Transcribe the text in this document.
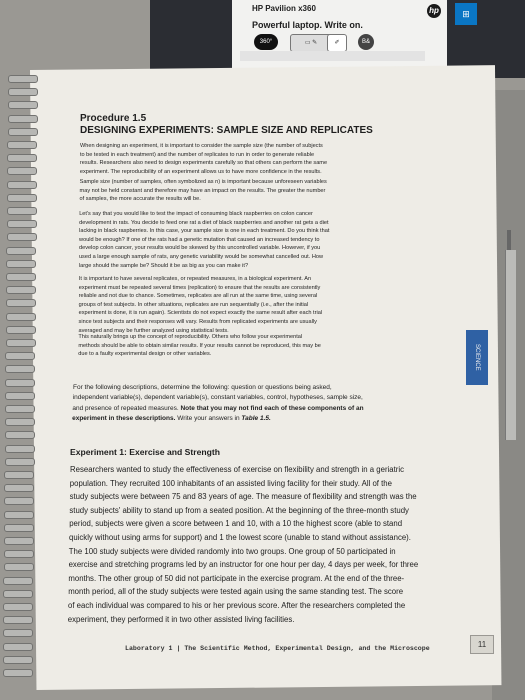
HP Pavilion x360
Powerful laptop. Write on.
hp
360°	▭ ✎	✐	B&
⊞
SCIENCE
Procedure 1.5
DESIGNING EXPERIMENTS: SAMPLE SIZE AND REPLICATES
When designing an experiment, it is important to consider the sample size (the number of subjects
to be tested in each treatment) and the number of replicates to run in order to generate reliable
results. Researchers also need to design experiments carefully so that others can perform the same
experiment. The reproducibility of an experiment allows us to have more confidence in the results.
Sample size (number of samples, often symbolized as n) is important because unforeseen variables
may not be held constant and therefore may have an impact on the results. The greater the number
of samples, the more accurate the results will be.
Let's say that you would like to test the impact of consuming black raspberries on colon cancer
development in rats. You decide to feed one rat a diet of black raspberries and another rat gets a diet
lacking in black raspberries. In this case, your sample size is one in each treatment. Do you think that
would be enough? If one of the rats had a genetic mutation that caused an increased tendency to
develop colon cancer, your results would be skewed by this uncontrolled variable. However, if you
used a large enough sample of rats, any genetic variability would be somewhat cancelled out. How
large should the sample be? Should it be as big as you can make it?
It is important to have several replicates, or repeated measures, in a biological experiment. An
experiment must be repeated several times (replication) to ensure that the results are consistently
reliable and not due to chance. Sometimes, replicates are all run at the same time, using several
groups of test subjects. In other situations, replicates are run sequentially (i.e., after the initial
experiment is done, it is run again). Scientists do not expect exactly the same result after each trial
since test subjects and their responses will vary. Results from replicated experiments are usually
averaged and may be further analyzed using statistical tests.
This naturally brings up the concept of reproducibility. Others who follow your experimental
methods should be able to obtain similar results. If your results cannot be reproduced, this may be
due to a faulty experimental design or other variables.
For the following descriptions, determine the following: question or questions being asked,
independent variable(s), dependent variable(s), constant variables, control, hypotheses, sample size,
and presence of repeated measures. Note that you may not find each of these components of an
experiment in these descriptions. Write your answers in Table 1.5.
Experiment 1: Exercise and Strength
Researchers wanted to study the effectiveness of exercise on flexibility and strength in a geriatric
population. They recruited 100 inhabitants of an assisted living facility for their study. All of the
study subjects were between 75 and 83 years of age. The measure of flexibility and strength was the
study subjects' ability to stand up from a seated position. At the beginning of the three-month study
period, subjects were given a score between 1 and 10, with a 10 the highest score (able to stand
quickly without using arms for support) and 1 the lowest score (unable to stand without assistance).
The 100 study subjects were divided randomly into two groups. One group of 50 participated in
exercise and stretching programs led by an instructor for one hour per day, 4 days per week, for three
months. The other group of 50 did not participate in the exercise program. At the end of the three-
month period, all of the study subjects were tested again using the same standing test. The score
of each individual was compared to his or her previous score. After the researchers completed the
experiment, they performed it in two other assisted living facilities.
Laboratory 1 | The Scientific Method, Experimental Design, and the Microscope	11
